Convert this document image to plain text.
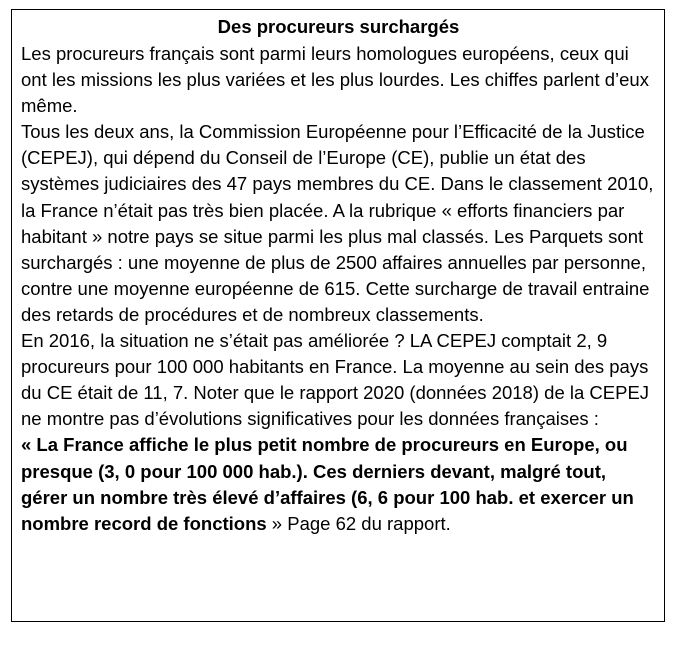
Des procureurs surchargés

Les procureurs français sont parmi leurs homologues européens, ceux qui ont les missions les plus variées et les plus lourdes. Les chiffes parlent d’eux même.

Tous les deux ans, la Commission Européenne pour l’Efficacité de la Justice (CEPEJ), qui dépend du Conseil de l’Europe (CE), publie un état des systèmes judiciaires des 47 pays membres du CE. Dans le classement 2010, la France n’était pas très bien placée. A la rubrique « efforts financiers par habitant » notre pays se situe parmi les plus mal classés. Les Parquets sont surchargés : une moyenne de plus de 2500 affaires annuelles par personne, contre une moyenne européenne de 615. Cette surcharge de travail entraine des retards de procédures et de nombreux classements.

En 2016, la situation ne s’était pas améliorée ? LA CEPEJ comptait 2, 9 procureurs pour 100 000 habitants en France. La moyenne au sein des pays du CE était de 11, 7. Noter que le rapport 2020 (données 2018) de la CEPEJ ne montre pas d’évolutions significatives pour les données françaises :

« La France affiche le plus petit nombre de procureurs en Europe, ou presque (3, 0 pour 100 000 hab.). Ces derniers devant, malgré tout, gérer un nombre très élevé d’affaires (6, 6 pour 100 hab. et exercer un nombre record de fonctions » Page 62 du rapport.
